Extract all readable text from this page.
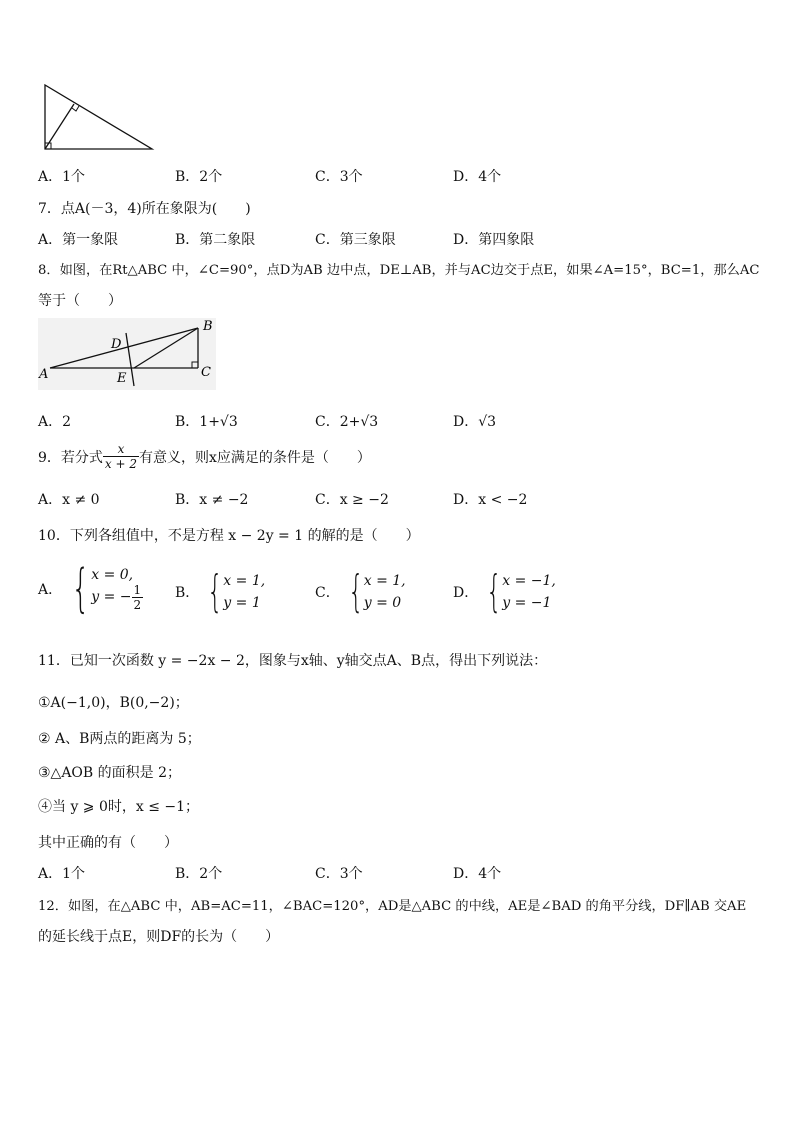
A．1个	B．2个	C．3个	D．4个
7．点A(－3，4)所在象限为(　　)
A．第一象限	B．第二象限	C．第三象限	D．第四象限
8．如图，在Rt△ABC 中，∠C=90°，点D为AB 边中点，DE⊥AB，并与AC边交于点E，如果∠A=15°，BC=1，那么AC
等于（　　）
A
B
C
D
E
A．2	B．1+√3	C．2+√3	D．√3
9．若分式 $\frac{x}{x + 2}$ 有意义，则x应满足的条件是（　　）
A．x ≠ 0	B．x ≠ −2	C．x ≥ −2	D．x < −2
10．下列各组值中，不是方程 x − 2y = 1 的解的是（　　）
A． { x = 0,
y = − $\frac{1}{2}$ B． { x = 1,
y = 1
C． { x = 1,
y = 0
D． { x = −1,
y = −1
11．已知一次函数 y = −2x − 2，图象与x轴、y轴交点A、B点，得出下列说法：
①A(−1,0)，B(0,−2)；
② A、B两点的距离为 5；
③△AOB 的面积是 2；
④当 y ⩾ 0时，x ≤ −1；
其中正确的有（　　）
A．1个	B．2个	C．3个	D．4个
12．如图，在△ABC 中，AB=AC=11，∠BAC=120°，AD是△ABC 的中线，AE是∠BAD 的角平分线，DF∥AB 交AE
的延长线于点E，则DF的长为（　　）
